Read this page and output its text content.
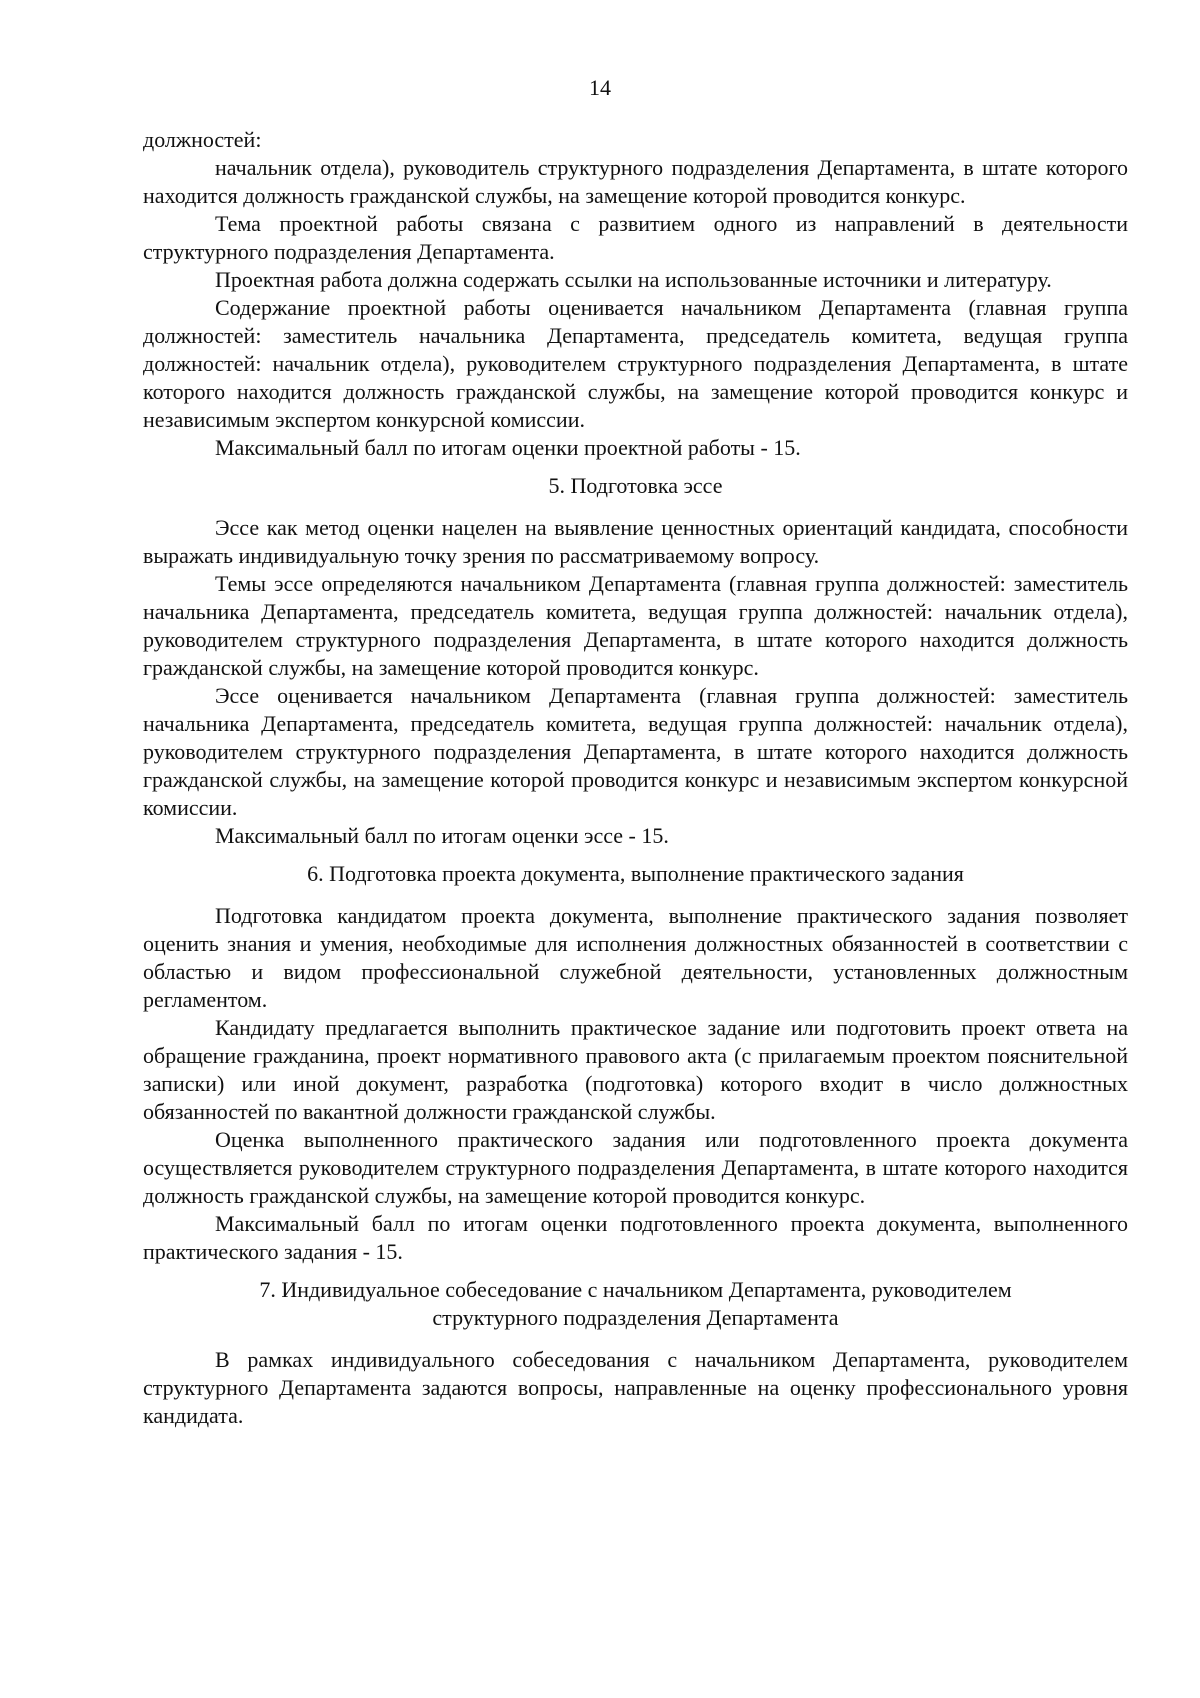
14

должностей:

начальник отдела), руководитель структурного подразделения Департамента, в штате которого находится должность гражданской службы, на замещение которой проводится конкурс.

Тема проектной работы связана с развитием одного из направлений в деятельности структурного подразделения Департамента.

Проектная работа должна содержать ссылки на использованные источники и литературу.

Содержание проектной работы оценивается начальником Департамента (главная группа должностей: заместитель начальника Департамента, председатель комитета, ведущая группа должностей: начальник отдела), руководителем структурного подразделения Департамента, в штате которого находится должность гражданской службы, на замещение которой проводится конкурс и независимым экспертом конкурсной комиссии.

Максимальный балл по итогам оценки проектной работы - 15.

5. Подготовка эссе

Эссе как метод оценки нацелен на выявление ценностных ориентаций кандидата, способности выражать индивидуальную точку зрения по рассматриваемому вопросу.

Темы эссе определяются начальником Департамента (главная группа должностей: заместитель начальника Департамента, председатель комитета, ведущая группа должностей: начальник отдела), руководителем структурного подразделения Департамента, в штате которого находится должность гражданской службы, на замещение которой проводится конкурс.

Эссе оценивается начальником Департамента (главная группа должностей: заместитель начальника Департамента, председатель комитета, ведущая группа должностей: начальник отдела), руководителем структурного подразделения Департамента, в штате которого находится должность гражданской службы, на замещение которой проводится конкурс и независимым экспертом конкурсной комиссии.

Максимальный балл по итогам оценки эссе - 15.

6. Подготовка проекта документа, выполнение практического задания

Подготовка кандидатом проекта документа, выполнение практического задания позволяет оценить знания и умения, необходимые для исполнения должностных обязанностей в соответствии с областью и видом профессиональной служебной деятельности, установленных должностным регламентом.

Кандидату предлагается выполнить практическое задание или подготовить проект ответа на обращение гражданина, проект нормативного правового акта (с прилагаемым проектом пояснительной записки) или иной документ, разработка (подготовка) которого входит в число должностных обязанностей по вакантной должности гражданской службы.

Оценка выполненного практического задания или подготовленного проекта документа осуществляется руководителем структурного подразделения Департамента, в штате которого находится должность гражданской службы, на замещение которой проводится конкурс.

Максимальный балл по итогам оценки подготовленного проекта документа, выполненного практического задания - 15.

7. Индивидуальное собеседование с начальником Департамента, руководителем
структурного подразделения Департамента

В рамках индивидуального собеседования с начальником Департамента, руководителем структурного Департамента задаются вопросы, направленные на оценку профессионального уровня кандидата.
